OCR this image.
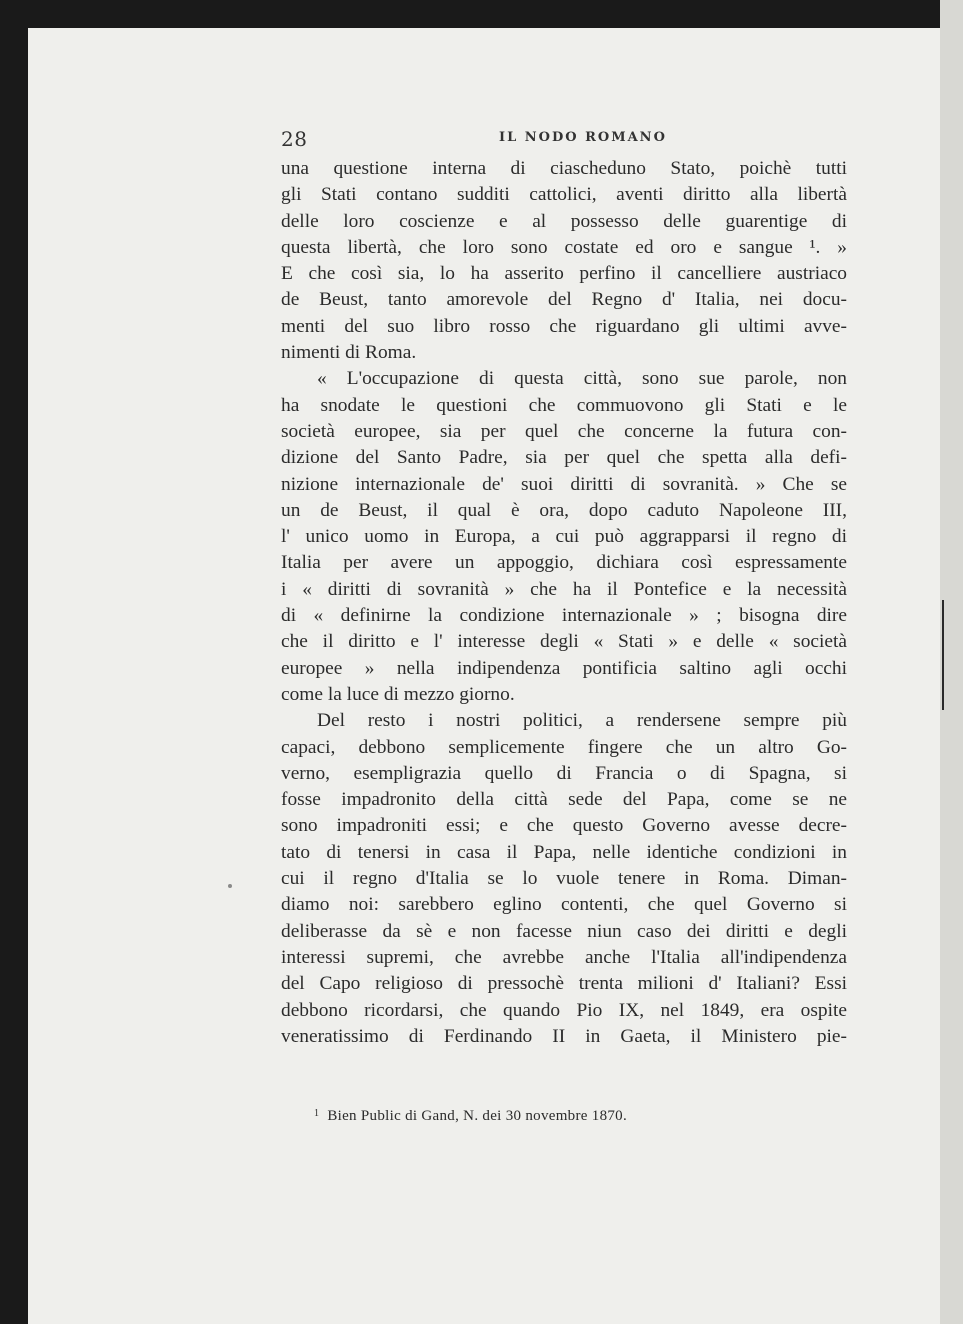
28	IL NODO ROMANO
una questione interna di ciascheduno Stato, poichè tutti
gli Stati contano sudditi cattolici, aventi diritto alla libertà
delle loro coscienze e al possesso delle guarentige di
questa libertà, che loro sono costate ed oro e sangue ¹. »
E che così sia, lo ha asserito perfino il cancelliere austriaco
de Beust, tanto amorevole del Regno d' Italia, nei docu-
menti del suo libro rosso che riguardano gli ultimi avve-
nimenti di Roma.
« L'occupazione di questa città, sono sue parole, non
ha snodate le questioni che commuovono gli Stati e le
società europee, sia per quel che concerne la futura con-
dizione del Santo Padre, sia per quel che spetta alla defi-
nizione internazionale de' suoi diritti di sovranità. » Che se
un de Beust, il qual è ora, dopo caduto Napoleone III,
l' unico uomo in Europa, a cui può aggrapparsi il regno di
Italia per avere un appoggio, dichiara così espressamente
i « diritti di sovranità » che ha il Pontefice e la necessità
di « definirne la condizione internazionale » ; bisogna dire
che il diritto e l' interesse degli « Stati » e delle « società
europee » nella indipendenza pontificia saltino agli occhi
come la luce di mezzo giorno.
Del resto i nostri politici, a rendersene sempre più
capaci, debbono semplicemente fingere che un altro Go-
verno, esempligrazia quello di Francia o di Spagna, si
fosse impadronito della città sede del Papa, come se ne
sono impadroniti essi; e che questo Governo avesse decre-
tato di tenersi in casa il Papa, nelle identiche condizioni in
cui il regno d'Italia se lo vuole tenere in Roma. Diman-
diamo noi: sarebbero eglino contenti, che quel Governo si
deliberasse da sè e non facesse niun caso dei diritti e degli
interessi supremi, che avrebbe anche l'Italia all'indipendenza
del Capo religioso di pressochè trenta milioni d' Italiani? Essi
debbono ricordarsi, che quando Pio IX, nel 1849, era ospite
veneratissimo di Ferdinando II in Gaeta, il Ministero pie-
$^1$ Bien Public di Gand, N. dei 30 novembre 1870.
